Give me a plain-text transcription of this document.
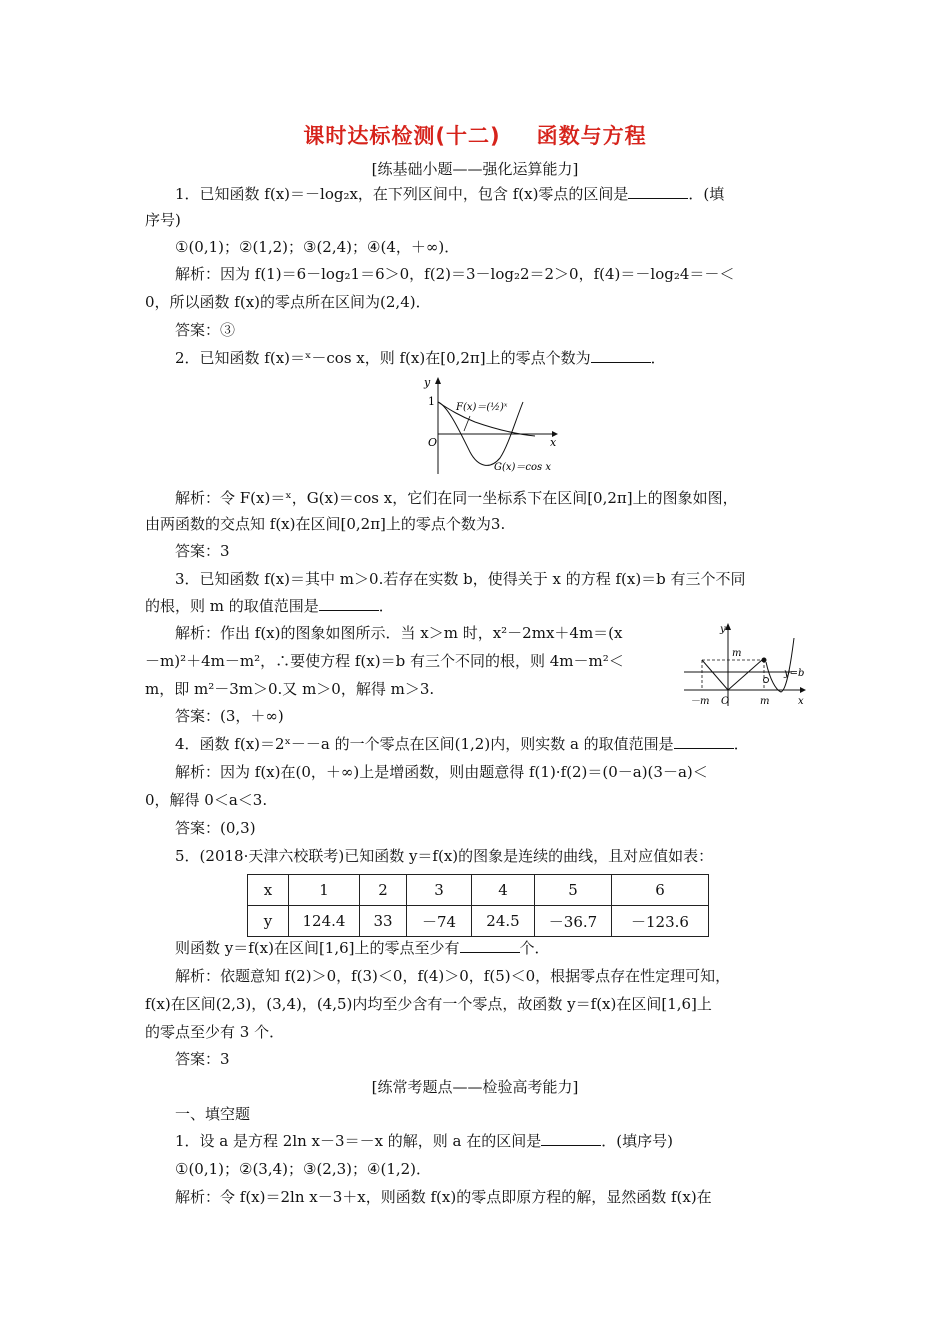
课时达标检测(十二) 函数与方程
[练基础小题——强化运算能力]
1．已知函数 f(x)＝－log₂x，在下列区间中，包含 f(x)零点的区间是	．(填
序号)
①(0,1)；②(1,2)；③(2,4)；④(4，＋∞)．
解析：因为 f(1)＝6－log₂1＝6＞0，f(2)＝3－log₂2＝2＞0，f(4)＝－log₂4＝－＜
0，所以函数 f(x)的零点所在区间为(2,4)．
答案：③
2．已知函数 f(x)＝ˣ－cos x，则 f(x)在[0,2π]上的零点个数为	．
y
1
O	x
F(x)＝(½)ˣ
G(x)＝cos x
解析：令 F(x)＝ˣ，G(x)＝cos x，它们在同一坐标系下在区间[0,2π]上的图象如图，
由两函数的交点知 f(x)在区间[0,2π]上的零点个数为3.
答案：3
3．已知函数 f(x)＝其中 m＞0.若存在实数 b，使得关于 x 的方程 f(x)＝b 有三个不同
的根，则 m 的取值范围是	．
解析：作出 f(x)的图象如图所示．当 x＞m 时，x²－2mx＋4m＝(x
－m)²＋4m－m²，∴要使方程 f(x)＝b 有三个不同的根，则 4m－m²＜
m，即 m²－3m＞0.又 m＞0，解得 m＞3.
答案：(3，＋∞)
y
m
y=b
－m O	m	x
4．函数 f(x)＝2ˣ－－a 的一个零点在区间(1,2)内，则实数 a 的取值范围是	．
解析：因为 f(x)在(0，＋∞)上是增函数，则由题意得 f(1)·f(2)＝(0－a)(3－a)＜
0，解得 0＜a＜3.
答案：(0,3)
5．(2018·天津六校联考)已知函数 y＝f(x)的图象是连续的曲线，且对应值如表：
x	1	2	3	4	5	6
y	124.4	33	－74	24.5	－36.7	－123.6
则函数 y＝f(x)在区间[1,6]上的零点至少有	个．
解析：依题意知 f(2)＞0，f(3)＜0，f(4)＞0，f(5)＜0，根据零点存在性定理可知，
f(x)在区间(2,3)，(3,4)，(4,5)内均至少含有一个零点，故函数 y＝f(x)在区间[1,6]上
的零点至少有 3 个．
答案：3
[练常考题点——检验高考能力]
一、填空题
1．设 a 是方程 2ln x－3＝－x 的解，则 a 在的区间是	．(填序号)
①(0,1)；②(3,4)；③(2,3)；④(1,2)．
解析：令 f(x)＝2ln x－3＋x，则函数 f(x)的零点即原方程的解，显然函数 f(x)在
